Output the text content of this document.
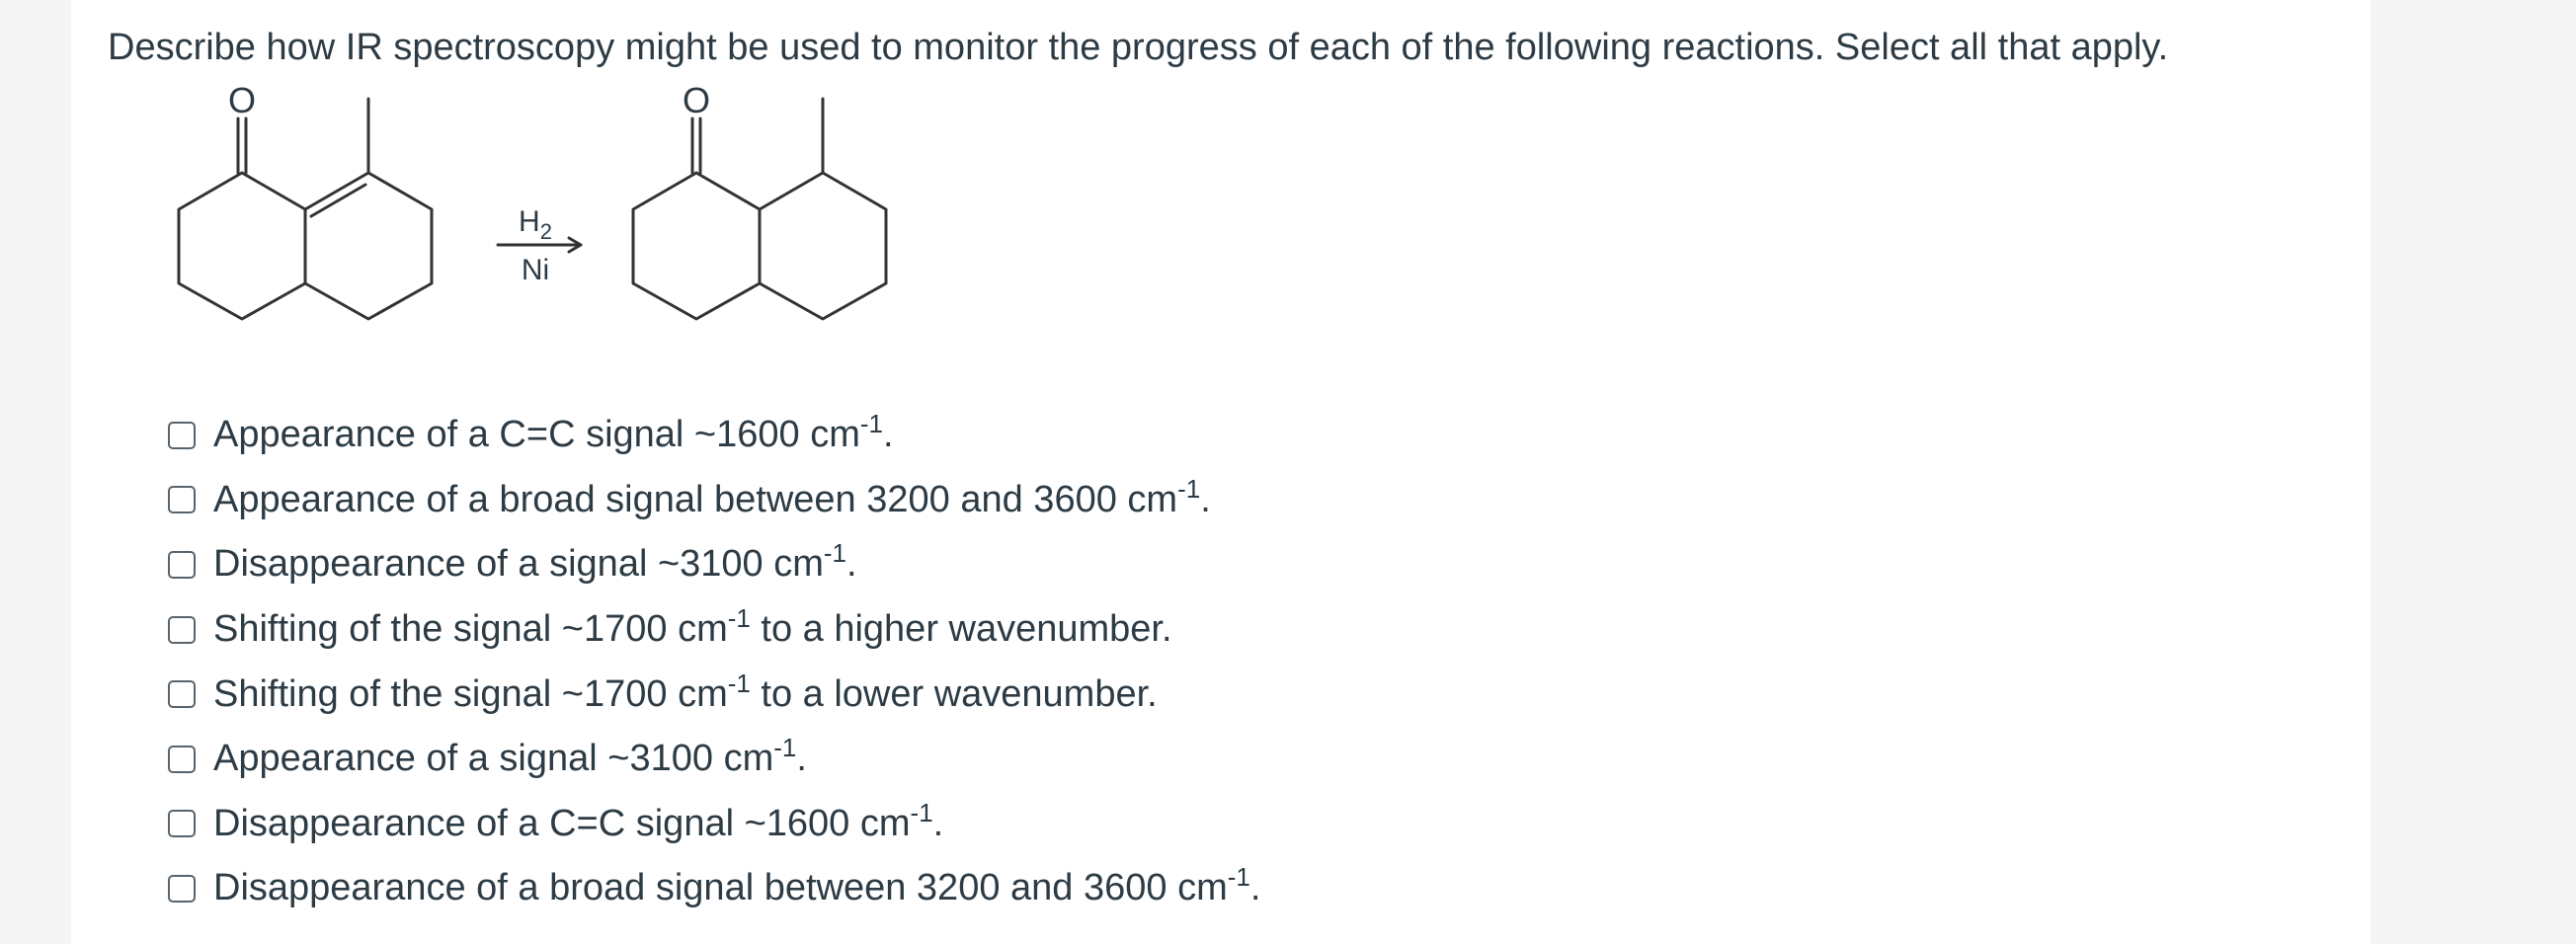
Describe how IR spectroscopy might be used to monitor the progress of each of the following reactions. Select all that apply.
O	O
$H_2$
Ni
Appearance of a C=C signal ~1600 $cm^{-1}$.
Appearance of a broad signal between 3200 and 3600 $cm^{-1}$.
Disappearance of a signal ~3100 $cm^{-1}$.
Shifting of the signal ~1700 $cm^{-1}$ to a higher wavenumber.
Shifting of the signal ~1700 $cm^{-1}$ to a lower wavenumber.
Appearance of a signal ~3100 $cm^{-1}$.
Disappearance of a C=C signal ~1600 $cm^{-1}$.
Disappearance of a broad signal between 3200 and 3600 $cm^{-1}$.
